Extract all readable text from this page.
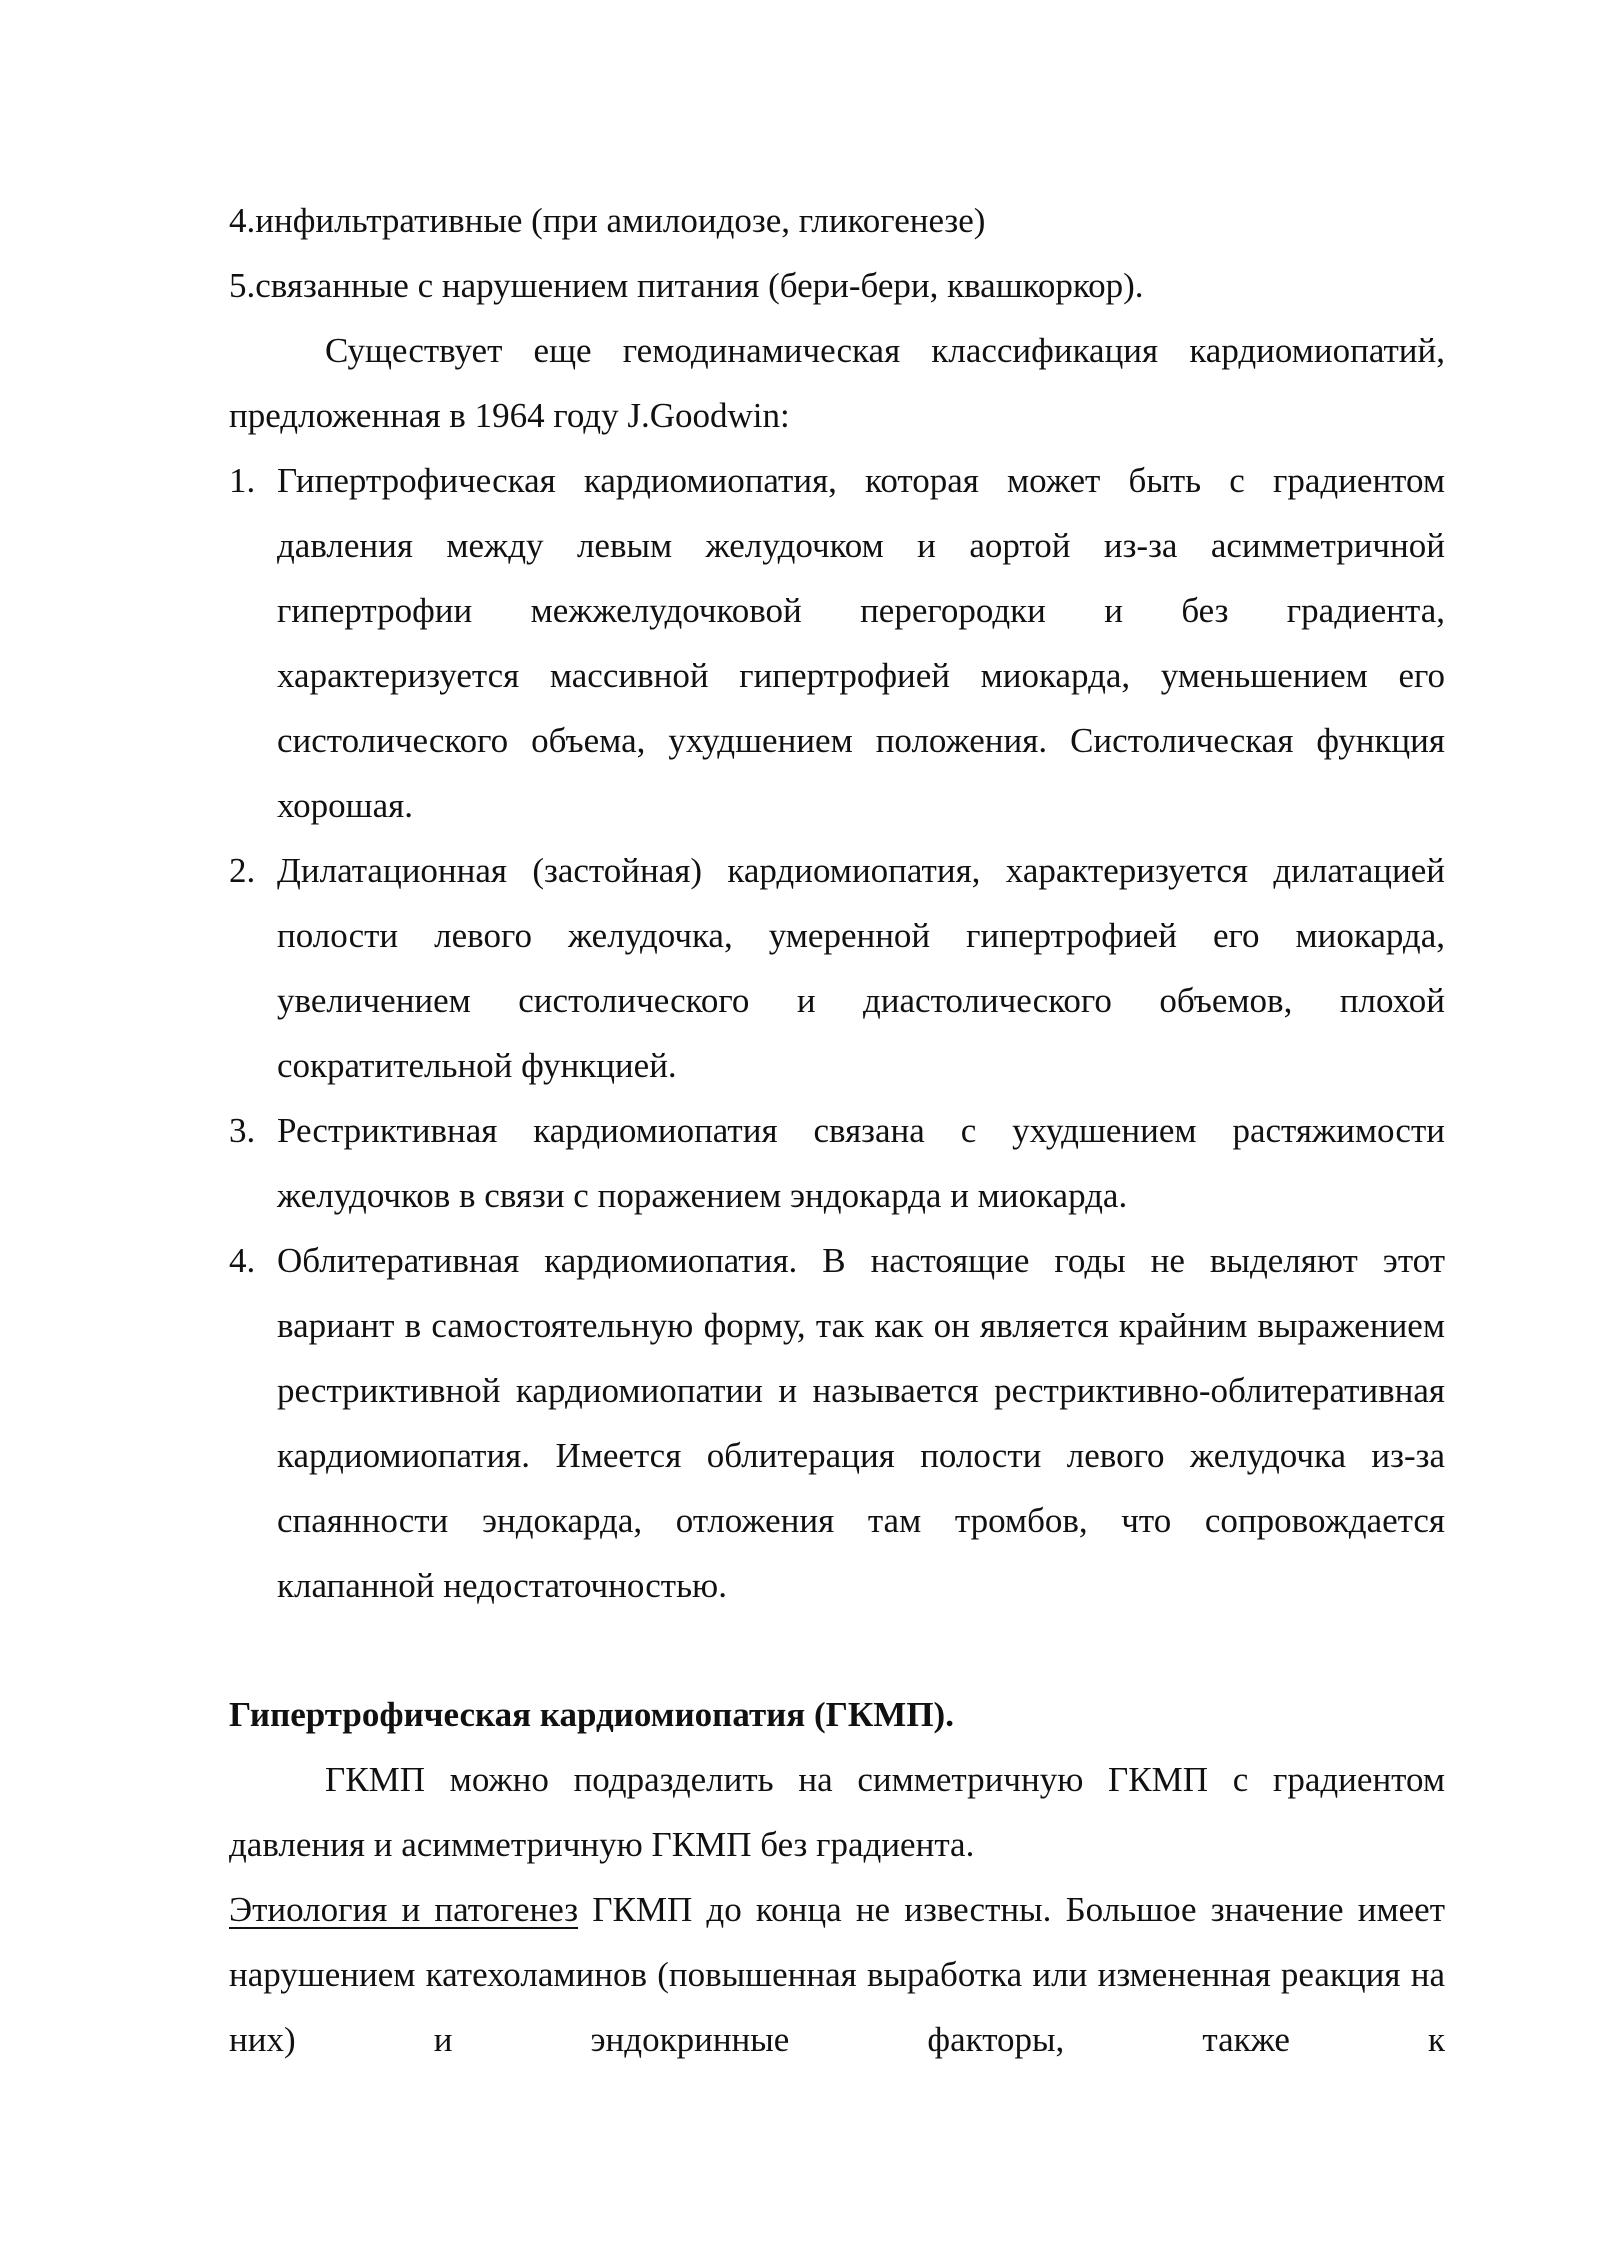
4.инфильтративные (при амилоидозе, гликогенезе)

5.связанные с нарушением питания (бери-бери, квашкоркор).

Существует еще гемодинамическая классификация кардиомиопатий, предложенная в 1964 году J.Goodwin:

1. Гипертрофическая кардиомиопатия, которая может быть с градиентом давления между левым желудочком и аортой из-за асимметричной гипертрофии межжелудочковой перегородки и без градиента, характеризуется массивной гипертрофией миокарда, уменьшением его систолического объема, ухудшением положения. Систолическая функция хорошая.
2. Дилатационная (застойная) кардиомиопатия, характеризуется дилатацией полости левого желудочка, умеренной гипертрофией его миокарда, увеличением систолического и диастолического объемов, плохой сократительной функцией.
3. Рестриктивная кардиомиопатия связана с ухудшением растяжимости желудочков в связи с поражением эндокарда и миокарда.
4. Облитеративная кардиомиопатия. В настоящие годы не выделяют этот вариант в самостоятельную форму, так как он является крайним выражением рестриктивной кардиомиопатии и называется рестриктивно-облитеративная кардиомиопатия. Имеется облитерация полости левого желудочка из-за спаянности эндокарда, отложения там тромбов, что сопровождается клапанной недостаточностью.

Гипертрофическая кардиомиопатия (ГКМП).

ГКМП можно подразделить на симметричную ГКМП с градиентом давления и асимметричную ГКМП без градиента.

Этиология и патогенез ГКМП до конца не известны. Большое значение имеет нарушением катехоламинов (повышенная выработка или измененная реакция на них) и эндокринные факторы, также к
